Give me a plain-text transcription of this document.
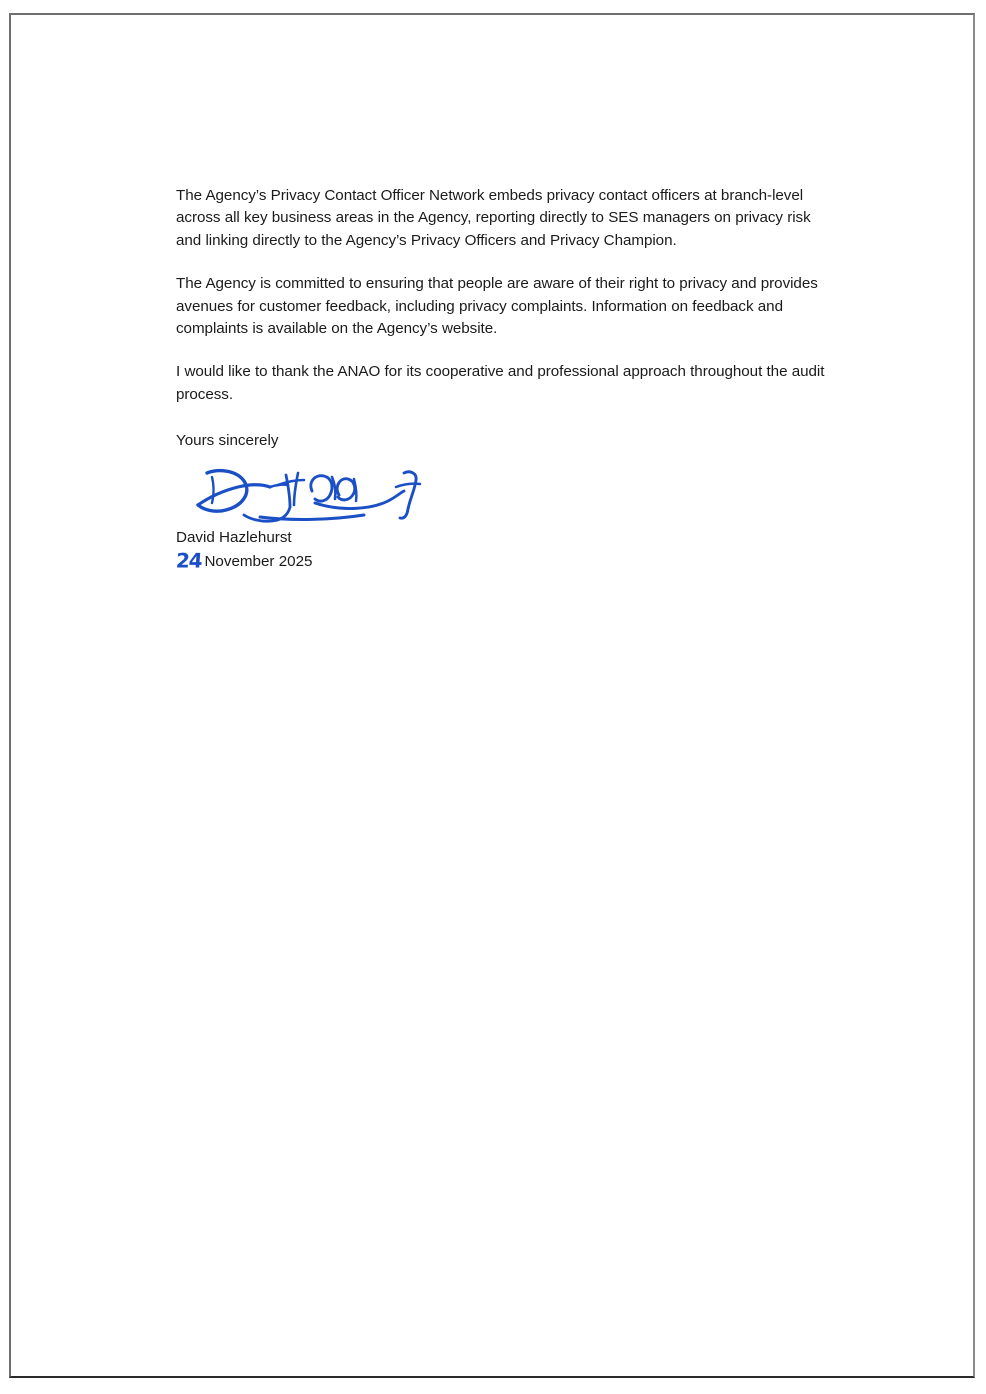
The Agency’s Privacy Contact Officer Network embeds privacy contact officers at branch-level across all key business areas in the Agency, reporting directly to SES managers on privacy risk and linking directly to the Agency’s Privacy Officers and Privacy Champion.

The Agency is committed to ensuring that people are aware of their right to privacy and provides avenues for customer feedback, including privacy complaints. Information on feedback and complaints is available on the Agency’s website.

I would like to thank the ANAO for its cooperative and professional approach throughout the audit process.

Yours sincerely

David Hazlehurst

24 November 2025
